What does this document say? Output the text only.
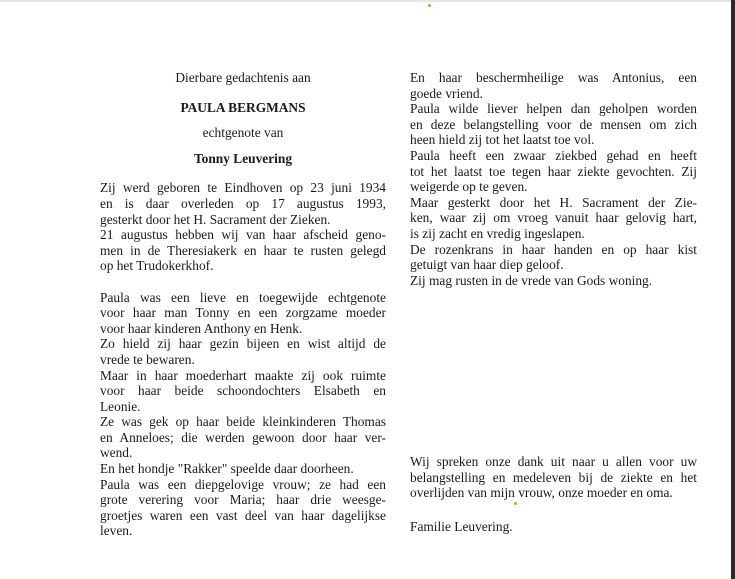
Dierbare gedachtenis aan
PAULA BERGMANS
echtgenote van
Tonny Leuvering
Zij werd geboren te Eindhoven op 23 juni 1934
en is daar overleden op 17 augustus 1993,
gesterkt door het H. Sacrament der Zieken.
21 augustus hebben wij van haar afscheid geno-
men in de Theresiakerk en haar te rusten gelegd
op het Trudokerkhof.
Paula was een lieve en toegewijde echtgenote
voor haar man Tonny en een zorgzame moeder
voor haar kinderen Anthony en Henk.
Zo hield zij haar gezin bijeen en wist altijd de
vrede te bewaren.
Maar in haar moederhart maakte zij ook ruimte
voor haar beide schoondochters Elsabeth en
Leonie.
Ze was gek op haar beide kleinkinderen Thomas
en Anneloes; die werden gewoon door haar ver-
wend.
En het hondje "Rakker" speelde daar doorheen.
Paula was een diepgelovige vrouw; ze had een
grote verering voor Maria; haar drie weesge-
groetjes waren een vast deel van haar dagelijkse
leven.
En haar beschermheilige was Antonius, een
goede vriend.
Paula wilde liever helpen dan geholpen worden
en deze belangstelling voor de mensen om zich
heen hield zij tot het laatst toe vol.
Paula heeft een zwaar ziekbed gehad en heeft
tot het laatst toe tegen haar ziekte gevochten. Zij
weigerde op te geven.
Maar gesterkt door het H. Sacrament der Zie-
ken, waar zij om vroeg vanuit haar gelovig hart,
is zij zacht en vredig ingeslapen.
De rozenkrans in haar handen en op haar kist
getuigt van haar diep geloof.
Zij mag rusten in de vrede van Gods woning.
Wij spreken onze dank uit naar u allen voor uw
belangstelling en medeleven bij de ziekte en het
overlijden van mijn vrouw, onze moeder en oma.
Familie Leuvering.
